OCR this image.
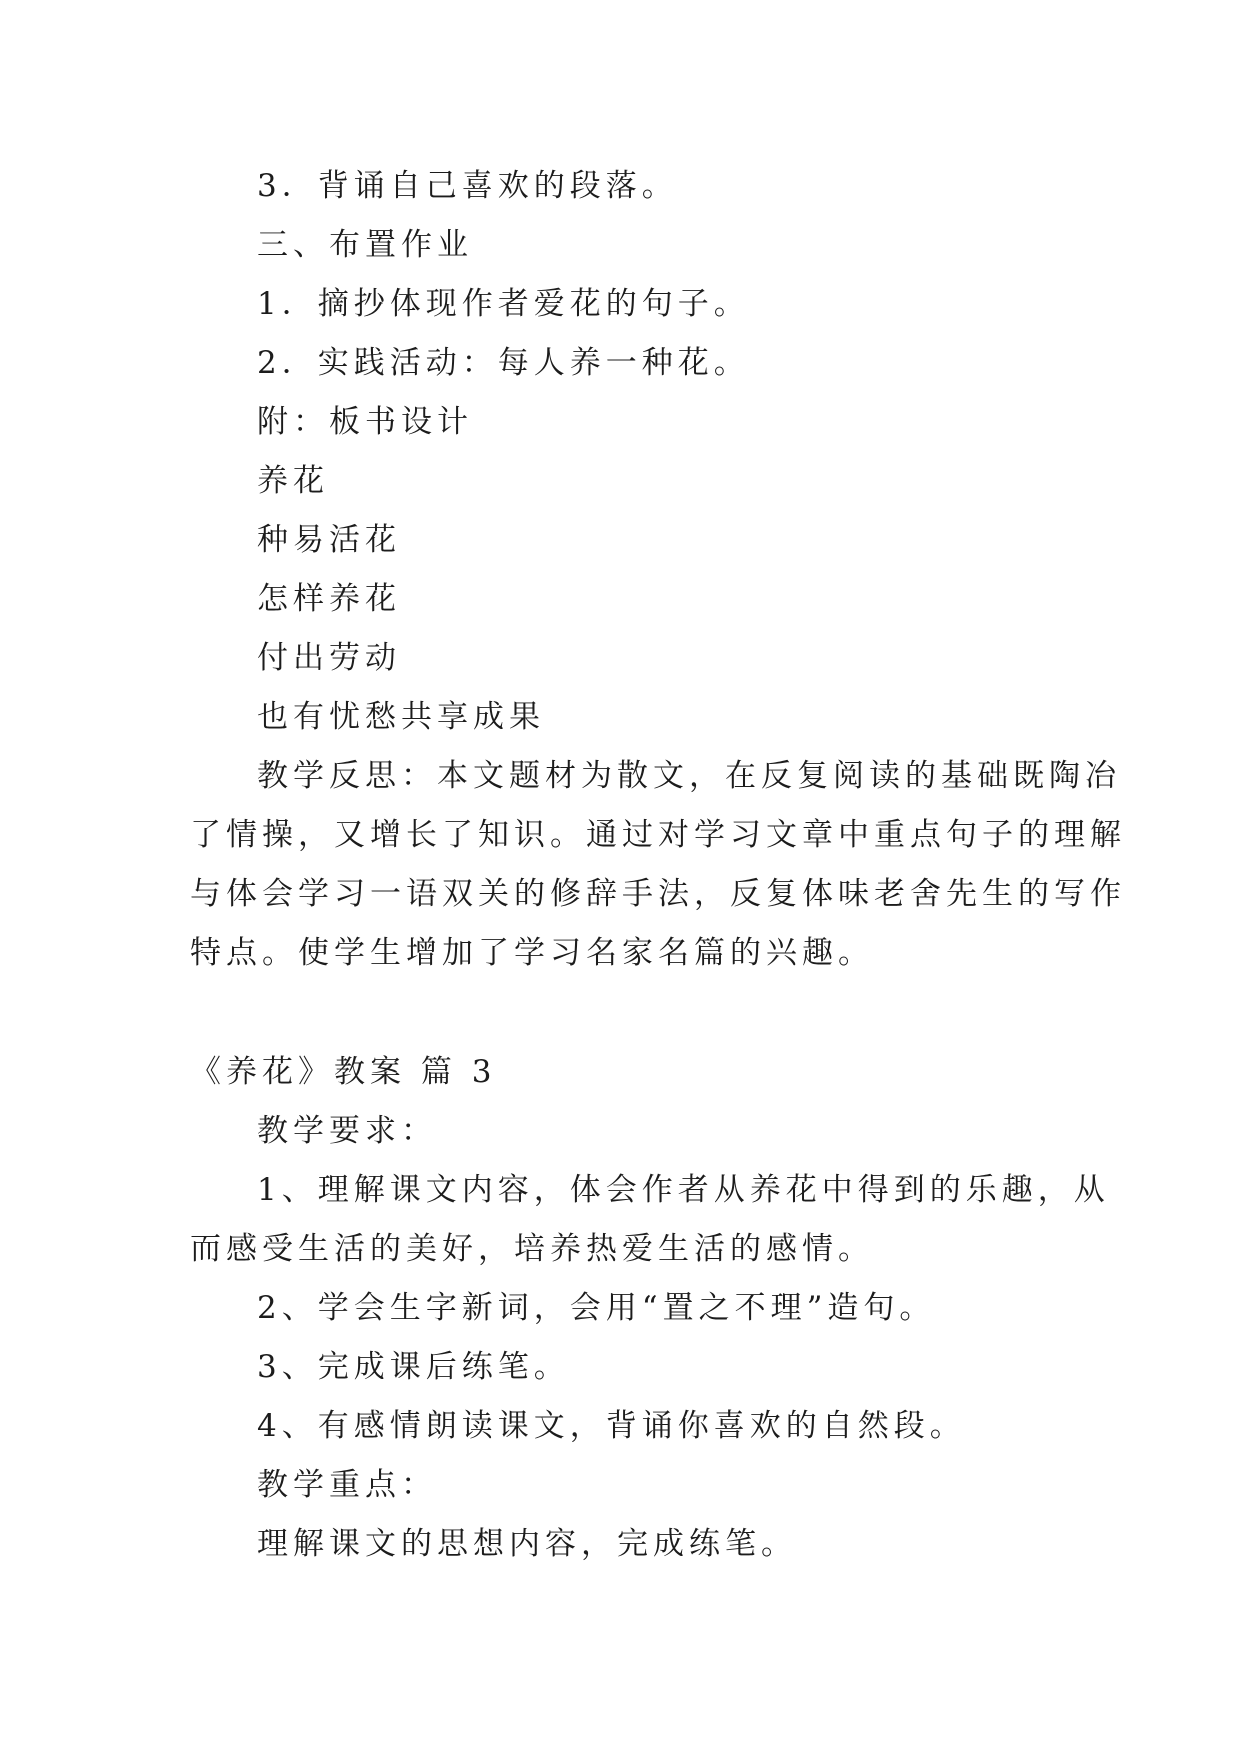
3．背诵自己喜欢的段落。
三、布置作业
1．摘抄体现作者爱花的句子。
2．实践活动：每人养一种花。
附：板书设计
养花
种易活花
怎样养花
付出劳动
也有忧愁共享成果
教学反思：本文题材为散文，在反复阅读的基础既陶冶
了情操，又增长了知识。通过对学习文章中重点句子的理解
与体会学习一语双关的修辞手法，反复体味老舍先生的写作
特点。使学生增加了学习名家名篇的兴趣。
《养花》教案 篇 3
教学要求：
1、理解课文内容，体会作者从养花中得到的乐趣，从
而感受生活的美好，培养热爱生活的感情。
2、学会生字新词，会用“置之不理”造句。
3、完成课后练笔。
4、有感情朗读课文，背诵你喜欢的自然段。
教学重点：
理解课文的思想内容，完成练笔。
